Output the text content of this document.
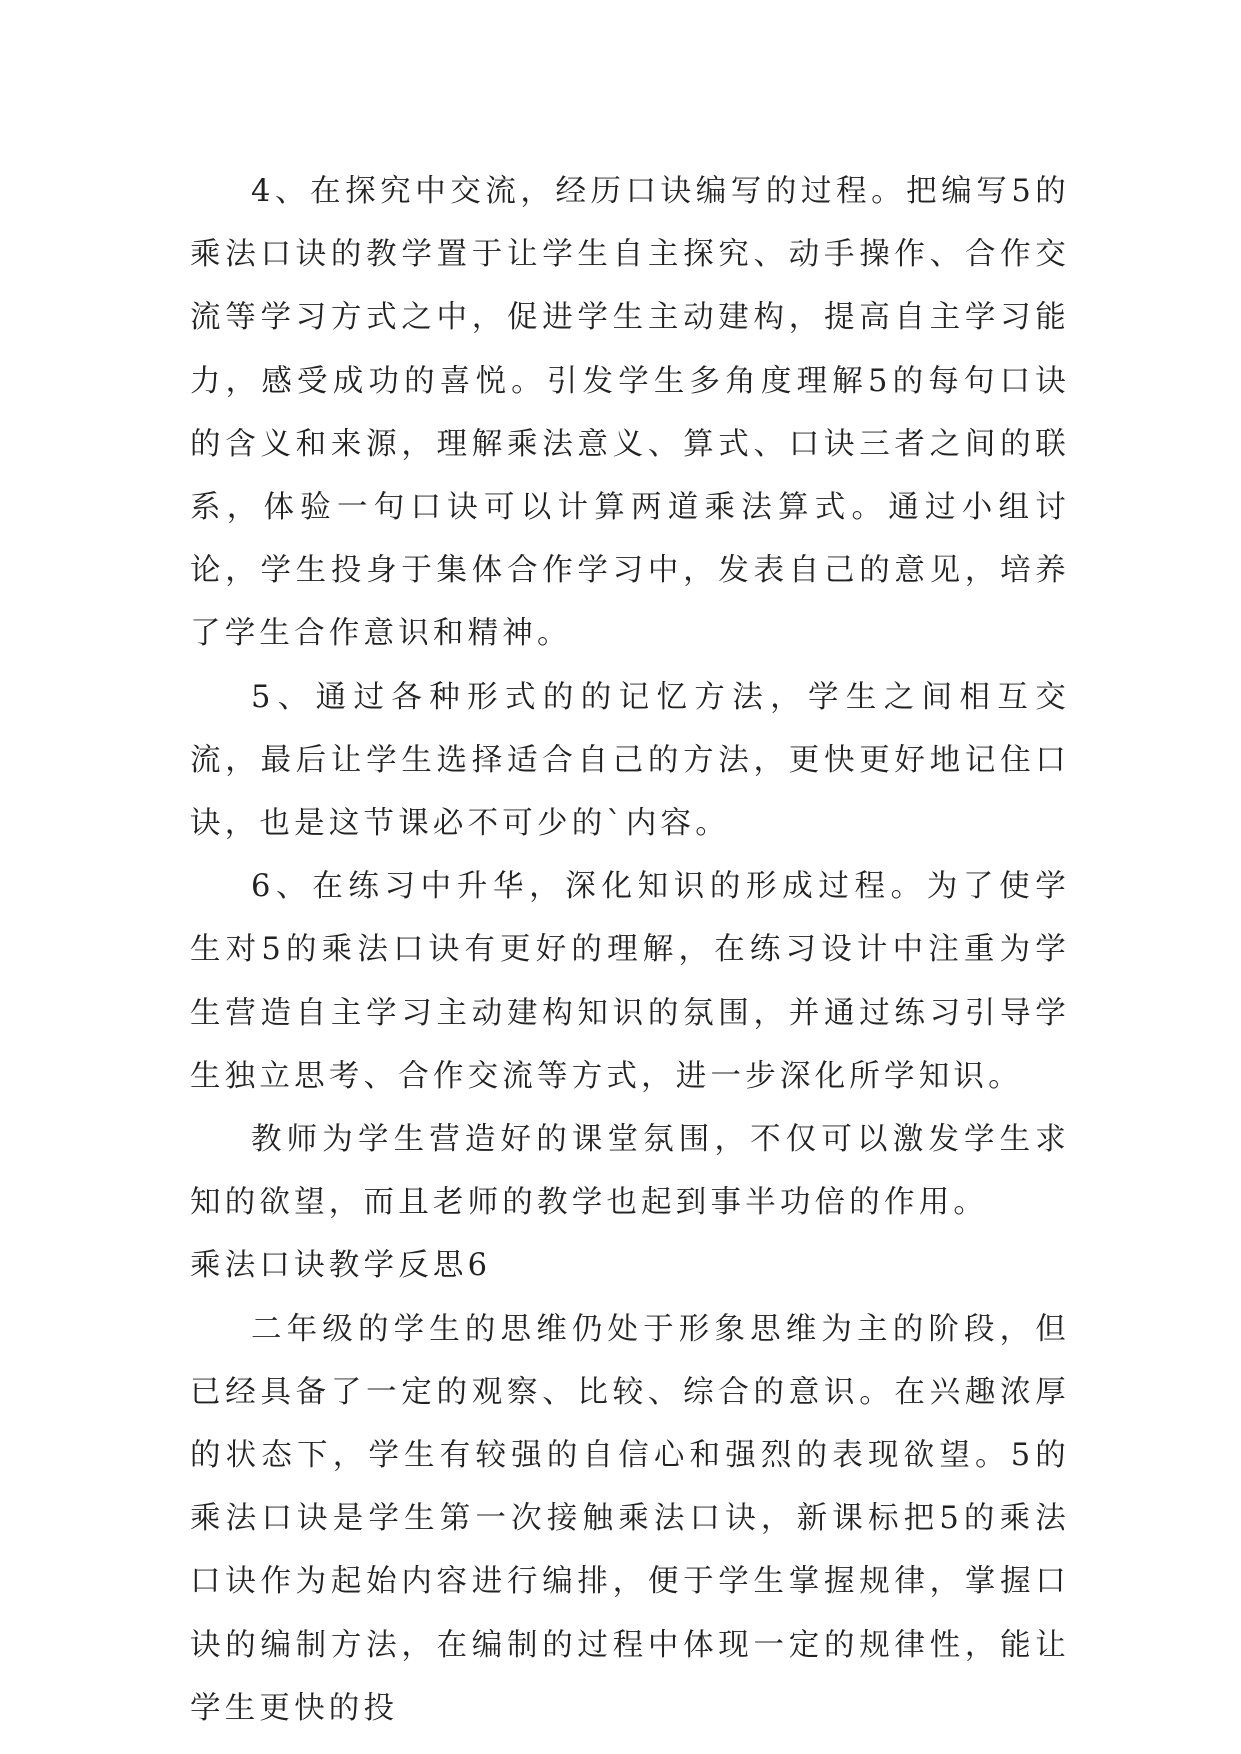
4、在探究中交流，经历口诀编写的过程。把编写5的乘法口诀的教学置于让学生自主探究、动手操作、合作交流等学习方式之中，促进学生主动建构，提高自主学习能力，感受成功的喜悦。引发学生多角度理解5的每句口诀的含义和来源，理解乘法意义、算式、口诀三者之间的联系，体验一句口诀可以计算两道乘法算式。通过小组讨论，学生投身于集体合作学习中，发表自己的意见，培养了学生合作意识和精神。

5、通过各种形式的的记忆方法，学生之间相互交流，最后让学生选择适合自己的方法，更快更好地记住口诀，也是这节课必不可少的`内容。

6、在练习中升华，深化知识的形成过程。为了使学生对5的乘法口诀有更好的理解，在练习设计中注重为学生营造自主学习主动建构知识的氛围，并通过练习引导学生独立思考、合作交流等方式，进一步深化所学知识。

教师为学生营造好的课堂氛围，不仅可以激发学生求知的欲望，而且老师的教学也起到事半功倍的作用。

乘法口诀教学反思6

二年级的学生的思维仍处于形象思维为主的阶段，但已经具备了一定的观察、比较、综合的意识。在兴趣浓厚的状态下，学生有较强的自信心和强烈的表现欲望。5的乘法口诀是学生第一次接触乘法口诀，新课标把5的乘法口诀作为起始内容进行编排，便于学生掌握规律，掌握口诀的编制方法，在编制的过程中体现一定的规律性，能让学生更快的投
